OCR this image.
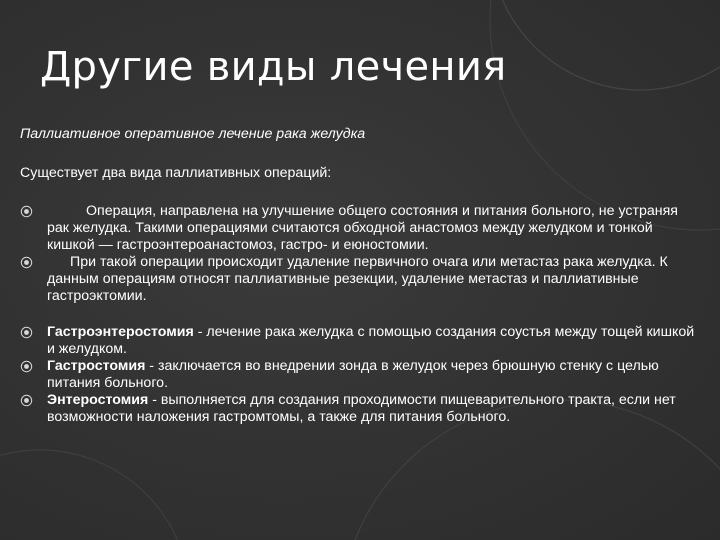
Другие виды лечения
Паллиативное оперативное лечение рака желудка
Существует два вида паллиативных операций:
Операция, направлена на улучшение общего состояния и питания больного, не устраняя рак желудка. Такими операциями считаются обходной анастомоз между желудком и тонкой кишкой — гастроэнтероанастомоз, гастро- и еюностомии.
При такой операции происходит удаление первичного очага или метастаз рака желудка. К данным операциям относят паллиативные резекции, удаление метастаз и паллиативные гастроэктомии.
Гастроэнтеростомия - лечение рака желудка с помощью создания соустья между тощей кишкой и желудком.
Гастростомия - заключается во внедрении зонда в желудок через брюшную стенку с целью питания больного.
Энтеростомия - выполняется для создания проходимости пищеварительного тракта, если нет возможности наложения гастромтомы, а также для питания больного.
